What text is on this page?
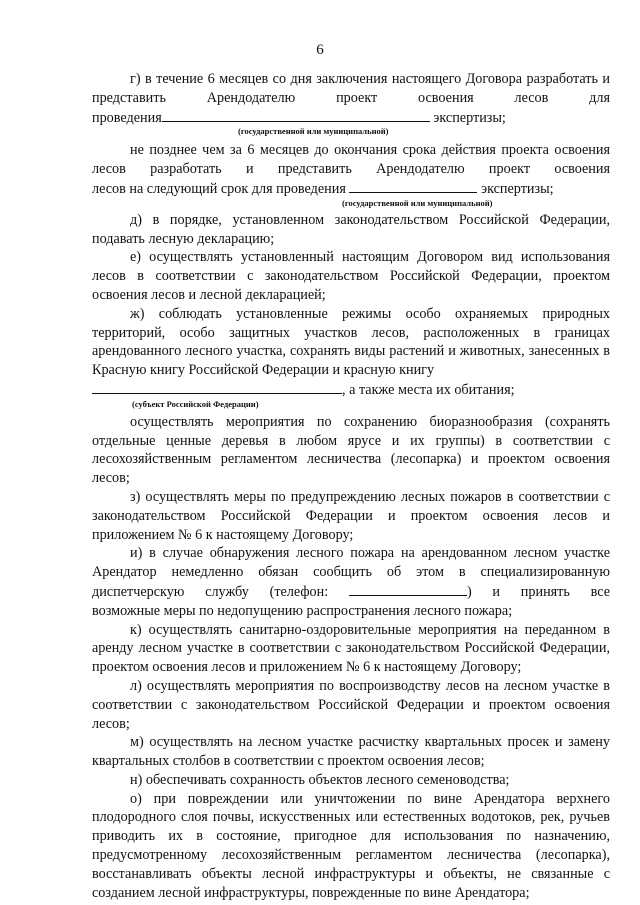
6

г) в течение 6 месяцев со дня заключения настоящего Договора разработать и представить Арендодателю проект освоения лесов для

проведения	экспертизы;

(государственной или муниципальной)

не позднее чем за 6 месяцев до окончания срока действия проекта освоения лесов разработать и представить Арендодателю проект освоения

лесов на следующий срок для проведения	экспертизы;

(государственной или муниципальной)

д) в порядке, установленном законодательством Российской Федерации, подавать лесную декларацию;

е) осуществлять установленный настоящим Договором вид использования лесов в соответствии с законодательством Российской Федерации, проектом освоения лесов и лесной декларацией;

ж) соблюдать установленные режимы особо охраняемых природных территорий, особо защитных участков лесов, расположенных в границах арендованного лесного участка, сохранять виды растений и животных, занесенных в Красную книгу Российской Федерации и красную книгу

, а также места их обитания;

(субъект Российской Федерации)

осуществлять мероприятия по сохранению биоразнообразия (сохранять отдельные ценные деревья в любом ярусе и их группы) в соответствии с лесохозяйственным регламентом лесничества (лесопарка) и проектом освоения лесов;

з) осуществлять меры по предупреждению лесных пожаров в соответствии с законодательством Российской Федерации и проектом освоения лесов и приложением № 6 к настоящему Договору;

и) в случае обнаружения лесного пожара на арендованном лесном участке Арендатор немедленно обязан сообщить об этом в специализированную

диспетчерскую службу (телефон:	) и принять все

возможные меры по недопущению распространения лесного пожара;

к) осуществлять санитарно-оздоровительные мероприятия на переданном в аренду лесном участке в соответствии с законодательством Российской Федерации, проектом освоения лесов и приложением № 6 к настоящему Договору;

л) осуществлять мероприятия по воспроизводству лесов на лесном участке в соответствии с законодательством Российской Федерации и проектом освоения лесов;

м) осуществлять на лесном участке расчистку квартальных просек и замену квартальных столбов в соответствии с проектом освоения лесов;

н) обеспечивать сохранность объектов лесного семеноводства;

о) при повреждении или уничтожении по вине Арендатора верхнего плодородного слоя почвы, искусственных или естественных водотоков, рек, ручьев приводить их в состояние, пригодное для использования по назначению, предусмотренному лесохозяйственным регламентом лесничества (лесопарка), восстанавливать объекты лесной инфраструктуры и объекты, не связанные с созданием лесной инфраструктуры, поврежденные по вине Арендатора;
